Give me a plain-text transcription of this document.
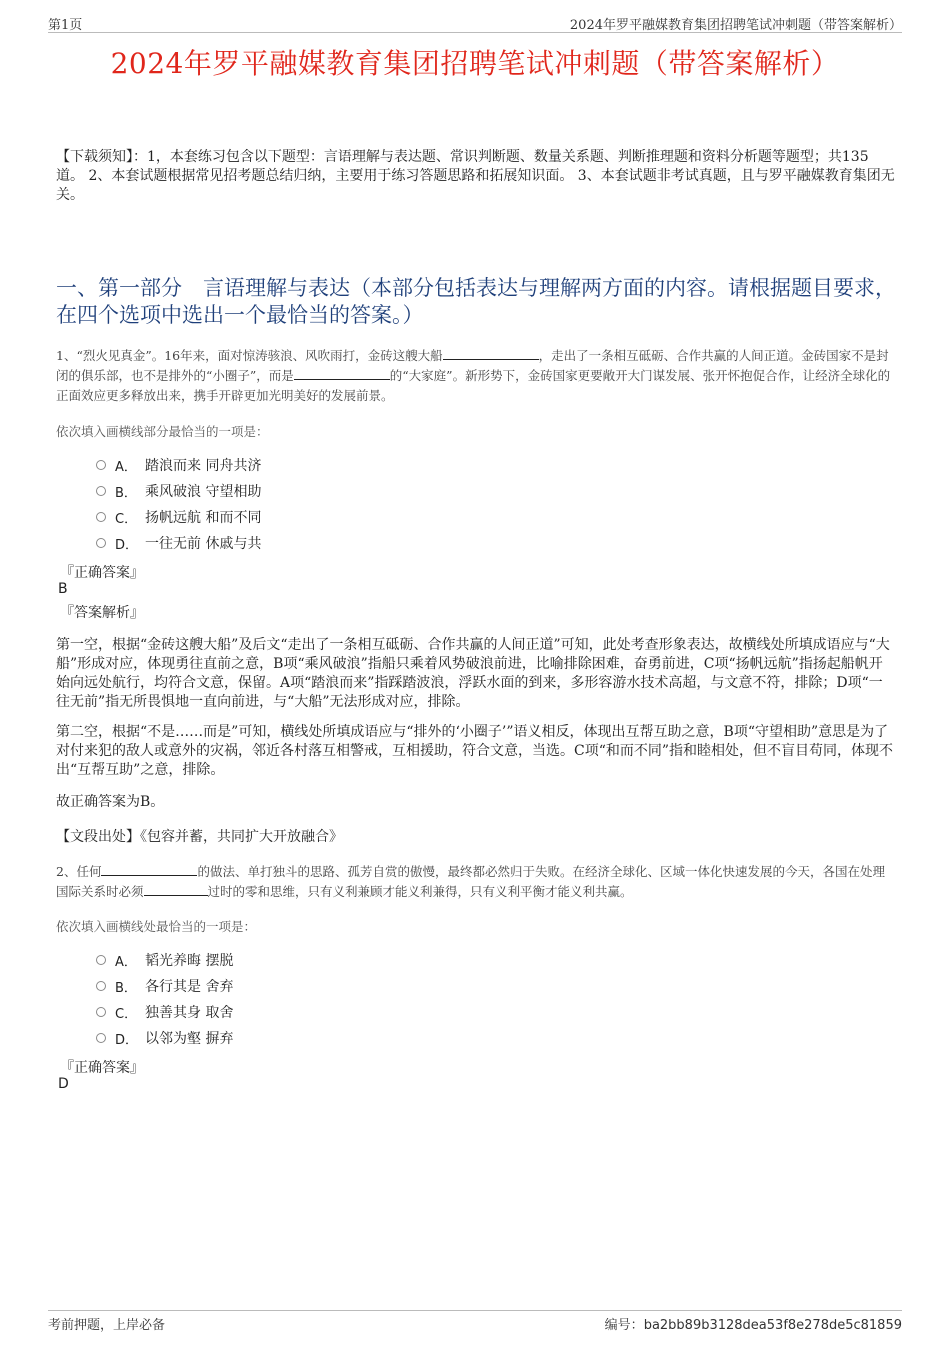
第1页	2024年罗平融媒教育集团招聘笔试冲刺题（带答案解析）
2024年罗平融媒教育集团招聘笔试冲刺题（带答案解析）
【下载须知】：1，本套练习包含以下题型：言语理解与表达题、常识判断题、数量关系题、判断推理题和资料分析题等题型；共135道。 2、本套试题根据常见招考题总结归纳，主要用于练习答题思路和拓展知识面。 3、本套试题非考试真题，且与罗平融媒教育集团无关。
一、第一部分　言语理解与表达（本部分包括表达与理解两方面的内容。请根据题目要求，在四个选项中选出一个最恰当的答案。）
1、“烈火见真金”。16年来，面对惊涛骇浪、风吹雨打，金砖这艘大船	，走出了一条相互砥砺、合作共赢的人间正道。金砖国家不是封闭的俱乐部，也不是排外的“小圈子”，而是	的“大家庭”。新形势下，金砖国家更要敞开大门谋发展、张开怀抱促合作，让经济全球化的正面效应更多释放出来，携手开辟更加光明美好的发展前景。
依次填入画横线部分最恰当的一项是：
A． 踏浪而来 同舟共济
B． 乘风破浪 守望相助
C． 扬帆远航 和而不同
D． 一往无前 休戚与共
『正确答案』
B
『答案解析』
第一空，根据“金砖这艘大船”及后文“走出了一条相互砥砺、合作共赢的人间正道”可知，此处考查形象表达，故横线处所填成语应与“大船”形成对应，体现勇往直前之意，B项“乘风破浪”指船只乘着风势破浪前进，比喻排除困难，奋勇前进，C项“扬帆远航”指扬起船帆开始向远处航行，均符合文意，保留。A项“踏浪而来”指踩踏波浪，浮跃水面的到来，多形容游水技术高超，与文意不符，排除；D项“一往无前”指无所畏惧地一直向前进，与“大船”无法形成对应，排除。
第二空，根据“不是……而是”可知，横线处所填成语应与“排外的‘小圈子’”语义相反，体现出互帮互助之意，B项“守望相助”意思是为了对付来犯的敌人或意外的灾祸，邻近各村落互相警戒，互相援助，符合文意，当选。C项“和而不同”指和睦相处，但不盲目苟同，体现不出“互帮互助”之意，排除。
故正确答案为B。
【文段出处】《包容并蓄，共同扩大开放融合》
2、任何	的做法、单打独斗的思路、孤芳自赏的傲慢，最终都必然归于失败。在经济全球化、区域一体化快速发展的今天，各国在处理国际关系时必须	过时的零和思维，只有义利兼顾才能义利兼得，只有义利平衡才能义利共赢。
依次填入画横线处最恰当的一项是：
A． 韬光养晦 摆脱
B． 各行其是 舍弃
C． 独善其身 取舍
D． 以邻为壑 摒弃
『正确答案』
D
考前押题，上岸必备	编号：ba2bb89b3128dea53f8e278de5c81859
